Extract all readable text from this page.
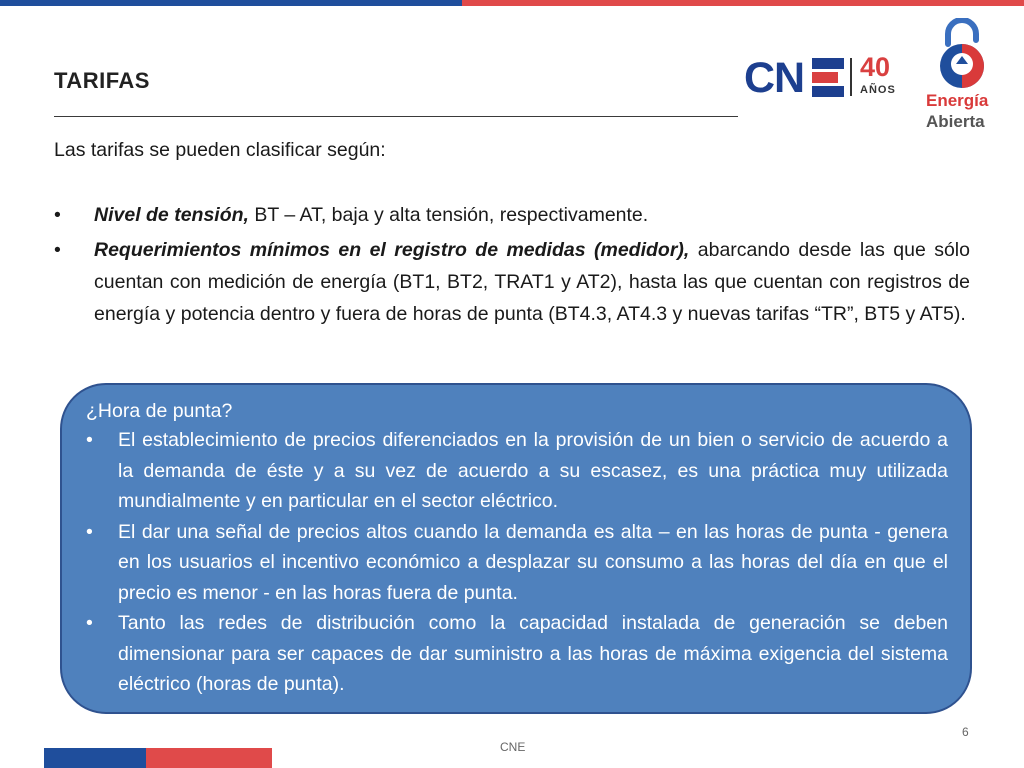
TARIFAS	CN 40
AÑOS
Energía
Abierta
Las tarifas se pueden clasificar según:
• Nivel de tensión, BT – AT, baja y alta tensión, respectivamente.
• Requerimientos mínimos en el registro de medidas (medidor), abarcando desde las que sólo cuentan con medición de energía (BT1, BT2, TRAT1 y AT2), hasta las que cuentan con registros de energía y potencia dentro y fuera de horas de punta (BT4.3, AT4.3 y nuevas tarifas “TR”, BT5 y AT5).
¿Hora de punta?
• El establecimiento de precios diferenciados en la provisión de un bien o servicio de acuerdo a la demanda de éste y a su vez de acuerdo a su escasez, es una práctica muy utilizada mundialmente y en particular en el sector eléctrico.
• El dar una señal de precios altos cuando la demanda es alta – en las horas de punta - genera en los usuarios el incentivo económico a desplazar su consumo a las horas del día en que el precio es menor - en las horas fuera de punta.
• Tanto las redes de distribución como la capacidad instalada de generación se deben dimensionar para ser capaces de dar suministro a las horas de máxima exigencia del sistema eléctrico (horas de punta).
6
CNE
